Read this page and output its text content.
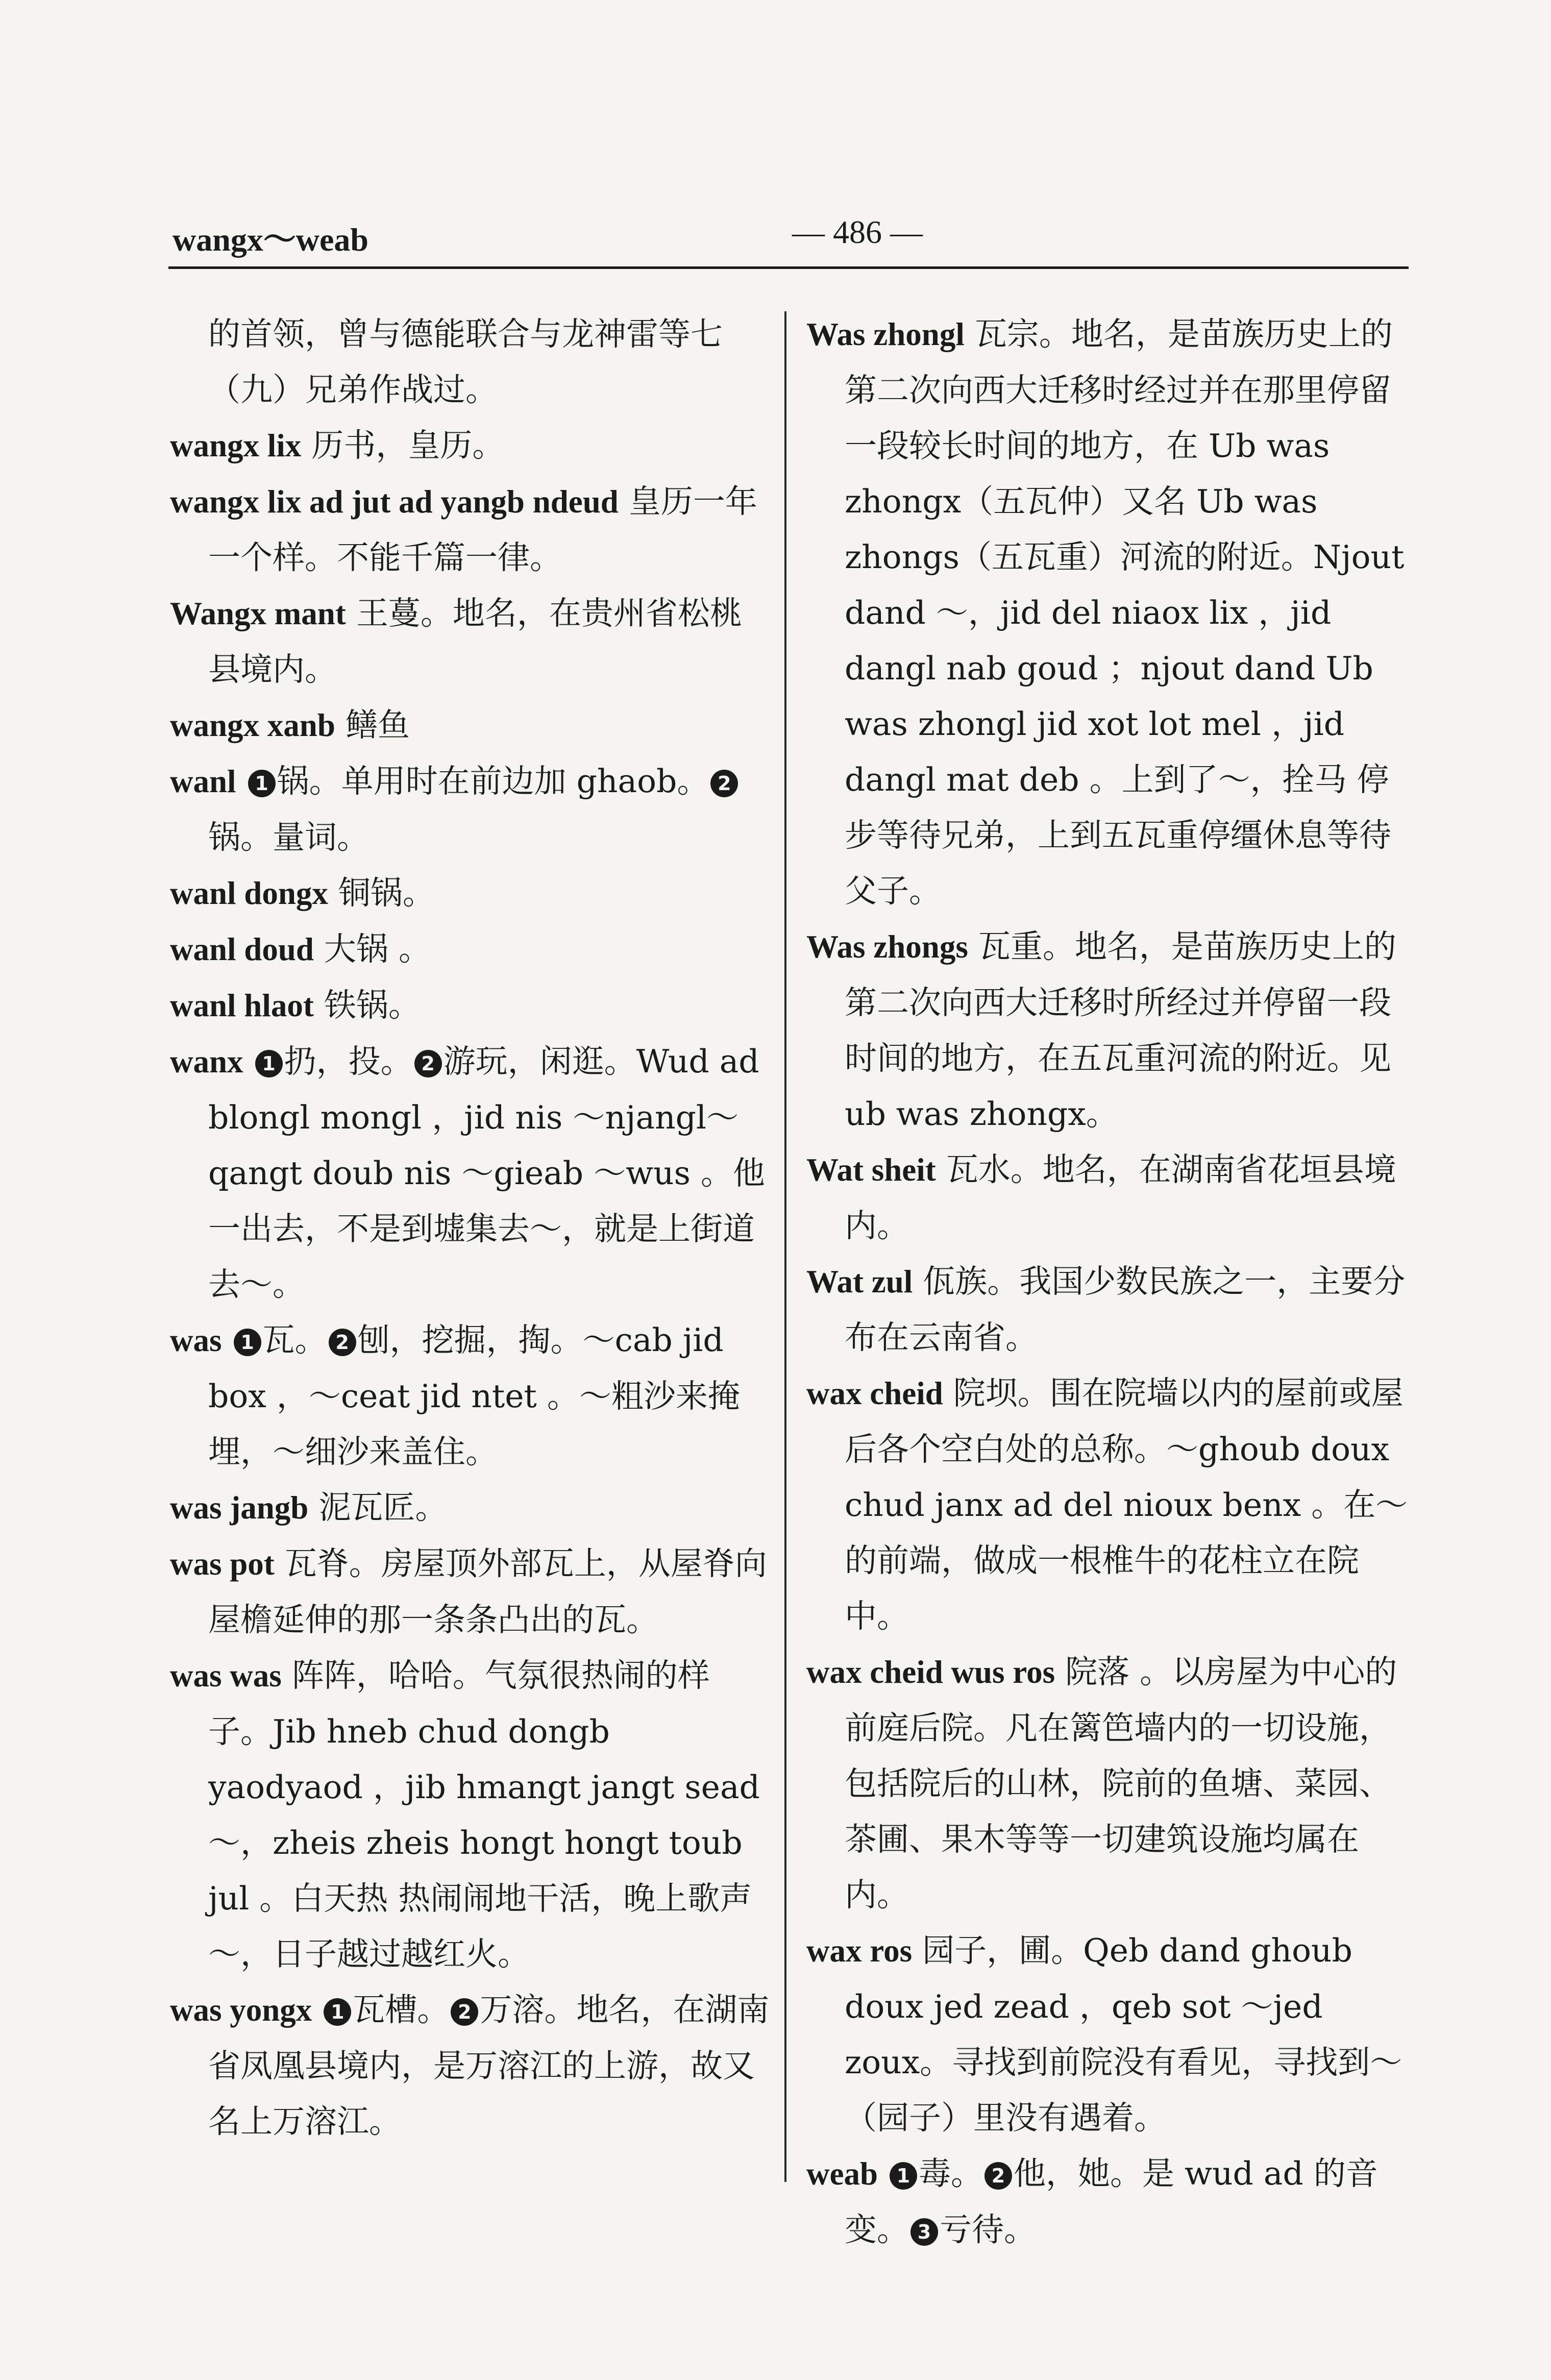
wangx～weab	— 486 —

的首领，曾与德能联合与龙神雷等七（九）兄弟作战过。

wangx lix 历书，皇历。

wangx lix ad jut ad yangb ndeud 皇历一年一个样。不能千篇一律。

Wangx mant 王蔓。地名，在贵州省松桃县境内。

wangx xanb 鳝鱼

wanl 1 锅。单用时在前边加 ghaob。 2锅。量词。

wanl dongx 铜锅。

wanl doud 大锅 。

wanl hlaot 铁锅。

wanx 1 扔，投。 2 游玩，闲逛。Wud ad blongl mongl ，jid nis ～njangl～qangt doub nis ～gieab ～wus 。他一出去，不是到墟集去～，就是上街道去～。

was 1 瓦。 2 刨，挖掘，掏。～cab jid box ，～ceat jid ntet 。～粗沙来掩埋，～细沙来盖住。

was jangb 泥瓦匠。

was pot 瓦脊。房屋顶外部瓦上，从屋脊向屋檐延伸的那一条条凸出的瓦。

was was 阵阵，哈哈。气氛很热闹的样子。Jib hneb chud dongb yaodyaod ，jib hmangt jangt sead ～，zheis zheis hongt hongt toub jul 。白天热 热闹闹地干活，晚上歌声～，日子越过越红火。

was yongx 1 瓦槽。 2 万溶。地名，在湖南省凤凰县境内，是万溶江的上游，故又名上万溶江。

Was zhongl 瓦宗。地名，是苗族历史上的第二次向西大迁移时经过并在那里停留一段较长时间的地方，在 Ub was zhongx（五瓦仲）又名 Ub was zhongs（五瓦重）河流的附近。Njout dand ～，jid del niaox lix ，jid dangl nab goud ；njout dand Ub was zhongl jid xot lot mel ，jid dangl mat deb 。上到了～，拴马 停步等待兄弟，上到五瓦重停缰休息等待父子。

Was zhongs 瓦重。地名，是苗族历史上的第二次向西大迁移时所经过并停留一段时间的地方，在五瓦重河流的附近。见 ub was zhongx。

Wat sheit 瓦水。地名，在湖南省花垣县境内。

Wat zul 佤族。我国少数民族之一，主要分布在云南省。

wax cheid 院坝。围在院墙以内的屋前或屋后各个空白处的总称。～ghoub doux chud janx ad del nioux benx 。在～的前端，做成一根椎牛的花柱立在院中。

wax cheid wus ros 院落 。以房屋为中心的前庭后院。凡在篱笆墙内的一切设施，包括院后的山林，院前的鱼塘、菜园、茶圃、果木等等一切建筑设施均属在内。

wax ros 园子，圃。Qeb dand ghoub doux jed zead ，qeb sot ～jed zoux。寻找到前院没有看见，寻找到～（园子）里没有遇着。

weab 1 毒。 2 他，她。是 wud ad 的音变。 3 亏待。
